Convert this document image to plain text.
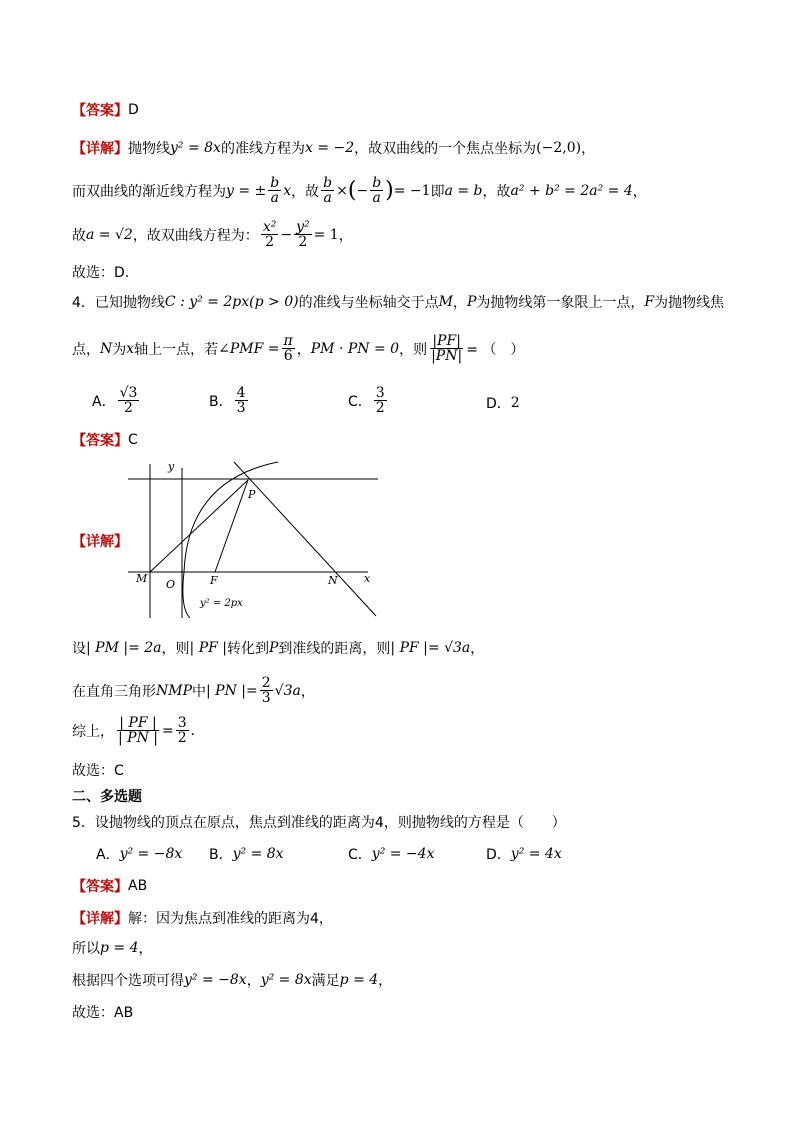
【答案】 D
【详解】 抛物线 y² = 8x 的准线方程为 x = −2 ，故双曲线的一个焦点坐标为 (−2,0) ，
而双曲线的渐近线方程为 y = ± $\frac{b}{a}$ x ，故 $\frac{b}{a}$ × ( − $\frac{b}{a}$ ) = −1 即 a = b ，故 a² + b² = 2a² = 4 ，
故 a = √2 ，故双曲线方程为： $\frac{\text{x²}}{2} - \frac{\text{y²}}{2} = 1$ ，
故选：D.
4．已知抛物线 C : y² = 2px(p > 0) 的准线与坐标轴交于点 M ， P 为抛物线第一象限上一点， F 为抛物线焦
点， N 为 x 轴上一点，若 ∠PMF = $\frac{\pi}{6}$ ， PM · PN = 0 ，则 $\frac{|PF|}{|PN|}$ = （　）
A． $\frac{√3}{2}$	B． $\frac{4}{3}$	C． $\frac{3}{2}$	D． 2
【答案】 C
【详解】
y
x
M O	F	N
P
y² = 2px
设 | PM |= 2a ，则 | PF | 转化到 P 到准线的距离，则 | PF |= √3a ，
在直角三角形 NMP 中 | PN |= $\frac{2}{3} √3a$ ，
综上， $\frac{| PF |}{| PN |} = \frac{3}{2}$ .
故选：C
二、多选题
5．设抛物线的顶点在原点，焦点到准线的距离为4，则抛物线的方程是（　　）
A． y² = −8x B． y² = 8x	C． y² = −4x	D． y² = 4x
【答案】 AB
【详解】 解：因为焦点到准线的距离为4，
所以 p = 4 ，
根据四个选项可得 y² = −8x ， y² = 8x 满足 p = 4 ，
故选：AB
